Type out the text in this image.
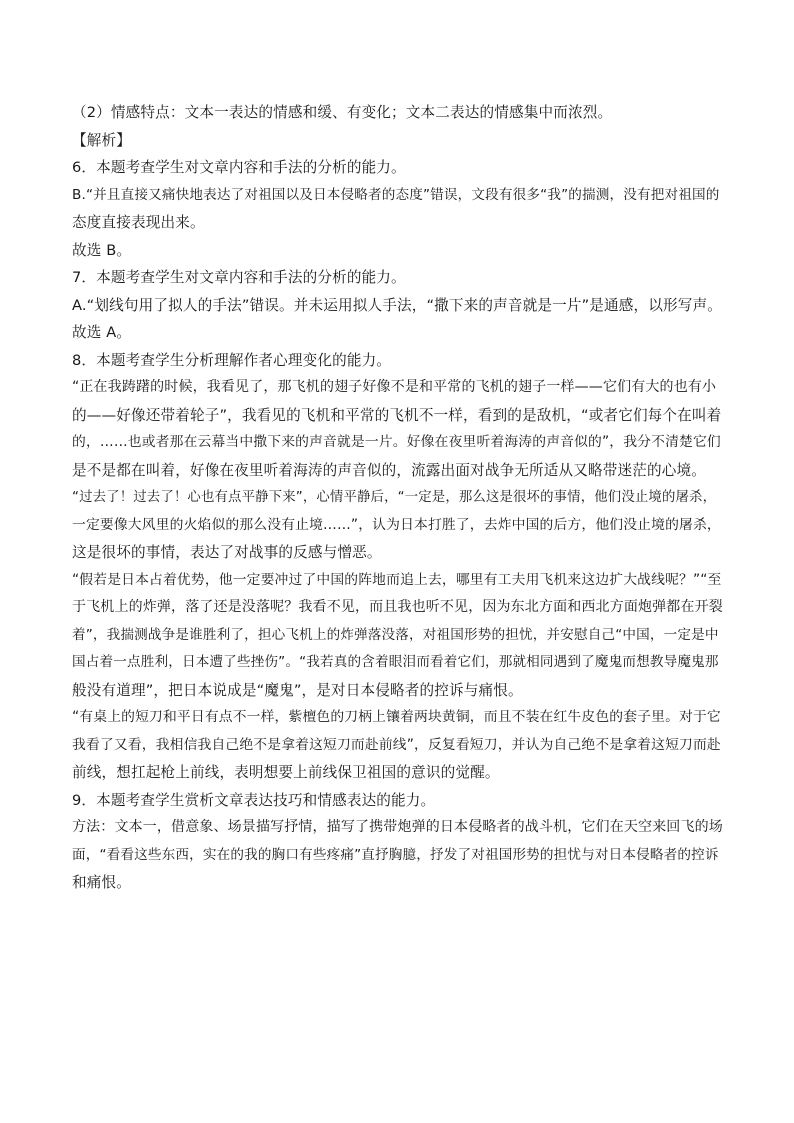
（2）情感特点：文本一表达的情感和缓、有变化；文本二表达的情感集中而浓烈。
【解析】
6．本题考查学生对文章内容和手法的分析的能力。
B.“并且直接又痛快地表达了对祖国以及日本侵略者的态度”错误，文段有很多“我”的揣测，没有把对祖国的
态度直接表现出来。
故选 B。
7．本题考查学生对文章内容和手法的分析的能力。
A.“划线句用了拟人的手法”错误。并未运用拟人手法，“撒下来的声音就是一片”是通感，以形写声。
故选 A。
8．本题考查学生分析理解作者心理变化的能力。
“正在我踌躇的时候，我看见了，那飞机的翅子好像不是和平常的飞机的翅子一样——它们有大的也有小
的——好像还带着轮子”，我看见的飞机和平常的飞机不一样，看到的是敌机，“或者它们每个在叫着
的，……也或者那在云幕当中撒下来的声音就是一片。好像在夜里听着海涛的声音似的”，我分不清楚它们
是不是都在叫着，好像在夜里听着海涛的声音似的，流露出面对战争无所适从又略带迷茫的心境。
“过去了！过去了！心也有点平静下来”，心情平静后，“一定是，那么这是很坏的事情，他们没止境的屠杀，
一定要像大风里的火焰似的那么没有止境……”，认为日本打胜了，去炸中国的后方，他们没止境的屠杀，
这是很坏的事情，表达了对战事的反感与憎恶。
“假若是日本占着优势，他一定要冲过了中国的阵地而追上去，哪里有工夫用飞机来这边扩大战线呢？”“至
于飞机上的炸弹，落了还是没落呢？我看不见，而且我也听不见，因为东北方面和西北方面炮弹都在开裂
着”，我揣测战争是谁胜利了，担心飞机上的炸弹落没落，对祖国形势的担忧，并安慰自己“中国，一定是中
国占着一点胜利，日本遭了些挫伤”。“我若真的含着眼泪而看着它们，那就相同遇到了魔鬼而想教导魔鬼那
般没有道理”，把日本说成是“魔鬼”，是对日本侵略者的控诉与痛恨。
“有桌上的短刀和平日有点不一样，紫檀色的刀柄上镶着两块黄铜，而且不装在红牛皮色的套子里。对于它
我看了又看，我相信我自己绝不是拿着这短刀而赴前线”，反复看短刀，并认为自己绝不是拿着这短刀而赴
前线，想扛起枪上前线，表明想要上前线保卫祖国的意识的觉醒。
9．本题考查学生赏析文章表达技巧和情感表达的能力。
方法：文本一，借意象、场景描写抒情，描写了携带炮弹的日本侵略者的战斗机，它们在天空来回飞的场
面，“看看这些东西，实在的我的胸口有些疼痛”直抒胸臆，抒发了对祖国形势的担忧与对日本侵略者的控诉
和痛恨。
